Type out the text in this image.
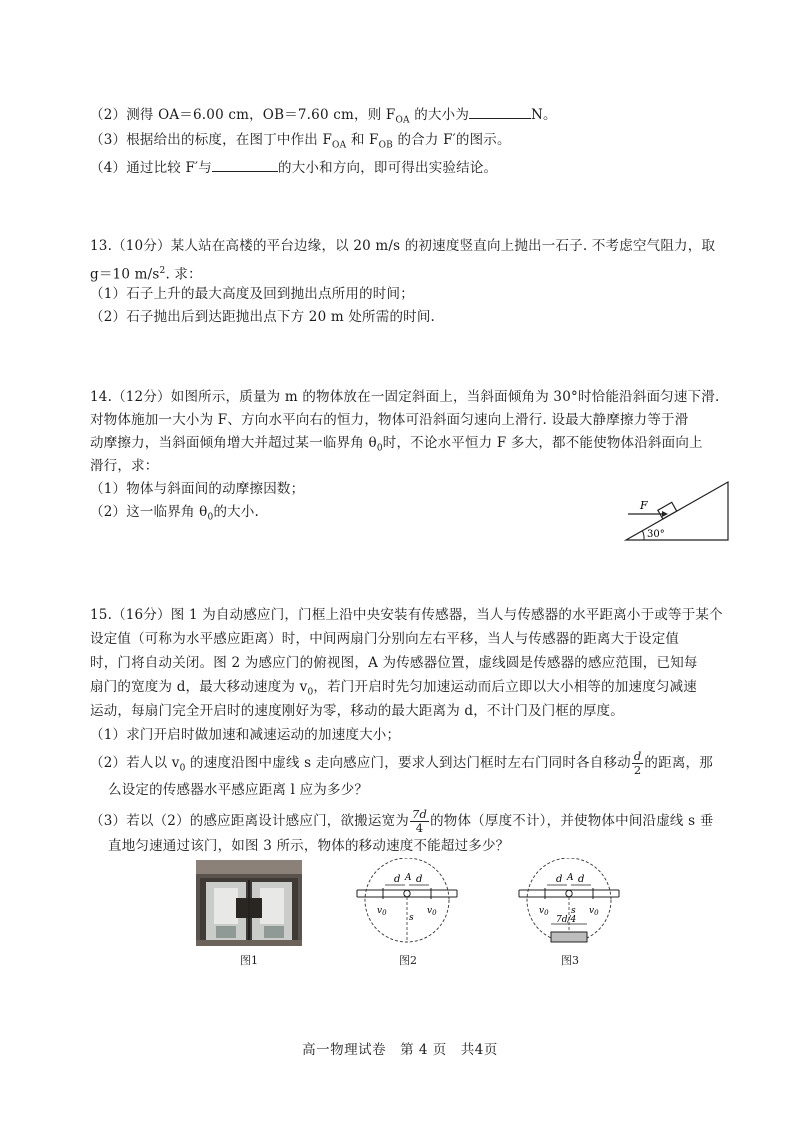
（2）测得 OA＝6.00 cm，OB＝7.60 cm，则 $F_{OA}$ 的大小为	N。
（3）根据给出的标度，在图丁中作出 $F_{OA}$ 和 $F_{OB}$ 的合力 F′的图示。
（4）通过比较 F′与	的大小和方向，即可得出实验结论。
13.（10分）某人站在高楼的平台边缘，以 20 m/s 的初速度竖直向上抛出一石子. 不考虑空气阻力，取
g＝10 $m/s^2$. 求：
（1）石子上升的最大高度及回到抛出点所用的时间；
（2）石子抛出后到达距抛出点下方 20 m 处所需的时间.
14.（12分）如图所示，质量为 m 的物体放在一固定斜面上，当斜面倾角为 30°时恰能沿斜面匀速下滑.
对物体施加一大小为 F、方向水平向右的恒力，物体可沿斜面匀速向上滑行. 设最大静摩擦力等于滑
动摩擦力，当斜面倾角增大并超过某一临界角 $\theta_0$时，不论水平恒力 F 多大，都不能使物体沿斜面向上
滑行，求：
（1）物体与斜面间的动摩擦因数；
（2）这一临界角 $\theta_0$的大小.	F
30°
15.（16分）图 1 为自动感应门，门框上沿中央安装有传感器，当人与传感器的水平距离小于或等于某个
设定值（可称为水平感应距离）时，中间两扇门分别向左右平移，当人与传感器的距离大于设定值
时，门将自动关闭。图 2 为感应门的俯视图，A 为传感器位置，虚线圆是传感器的感应范围，已知每
扇门的宽度为 d，最大移动速度为 $v_0$，若门开启时先匀加速运动而后立即以大小相等的加速度匀减速
运动，每扇门完全开启时的速度刚好为零，移动的最大距离为 d，不计门及门框的厚度。
（1）求门开启时做加速和减速运动的加速度大小；
（2）若人以 $v_0$ 的速度沿图中虚线 s 走向感应门，要求人到达门框时左右门同时各自移动 $\frac{d}{2}$ 的距离，那
么设定的传感器水平感应距离 l 应为多少？
（3）若以（2）的感应距离设计感应门，欲搬运宽为 $\frac{7d}{4}$ 的物体（厚度不计），并使物体中间沿虚线 s 垂
直地匀速通过该门，如图 3 所示，物体的移动速度不能超过多少？
d A d
$v_0$	$v_0$
s
d A d
$v_0$	$v_0$
s
7d/4
图1	图2	图3
高一物理试卷　第 4 页　共4页
